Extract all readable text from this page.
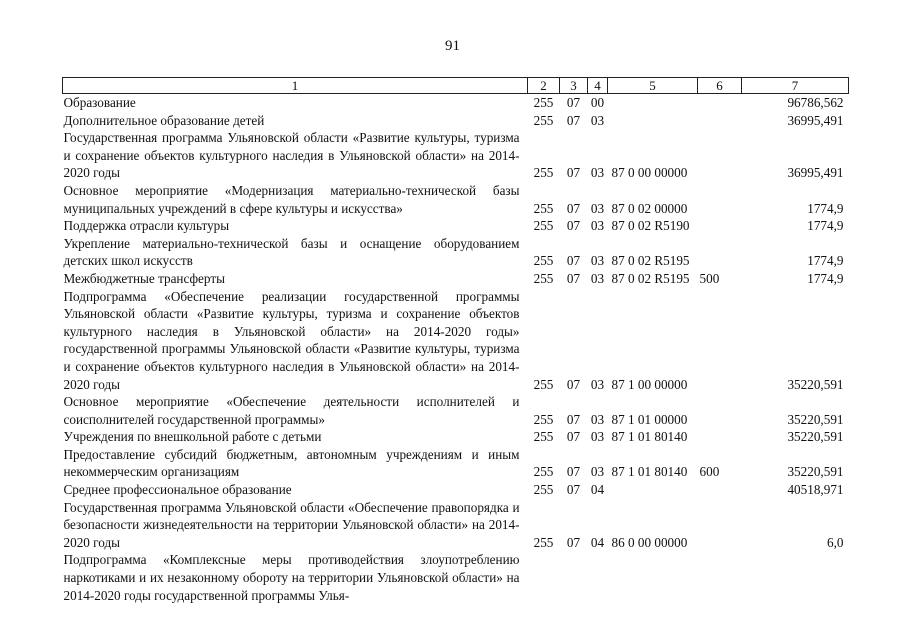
91
1	2	3	4	5	6	7
Образование	255	07	00			96786,562
Дополнительное образование детей	255	07	03			36995,491
Государственная программа Ульяновской области «Развитие культуры, туризма и сохранение объектов культурного наследия в Ульяновской области» на 2014-2020 годы	255	07	03	87 0 00 00000		36995,491
Основное мероприятие «Модернизация материально-технической базы муниципальных учреждений в сфере культуры и искусства»	255	07	03	87 0 02 00000		1774,9
Поддержка отрасли культуры	255	07	03	87 0 02 R5190		1774,9
Укрепление материально-технической базы и оснащение оборудованием детских школ искусств	255	07	03	87 0 02 R5195		1774,9
Межбюджетные трансферты	255	07	03	87 0 02 R5195	500	1774,9
Подпрограмма «Обеспечение реализации государственной программы Ульяновской области «Развитие культуры, туризма и сохранение объектов культурного наследия в Ульяновской области» на 2014-2020 годы» государственной программы Ульяновской области «Развитие культуры, туризма и сохранение объектов культурного наследия в Ульяновской области» на 2014-2020 годы	255	07	03	87 1 00 00000		35220,591
Основное мероприятие «Обеспечение деятельности исполнителей и соисполнителей государственной программы»	255	07	03	87 1 01 00000		35220,591
Учреждения по внешкольной работе с детьми	255	07	03	87 1 01 80140		35220,591
Предоставление субсидий бюджетным, автономным учреждениям и иным некоммерческим организациям	255	07	03	87 1 01 80140	600	35220,591
Среднее профессиональное образование	255	07	04			40518,971
Государственная программа Ульяновской области «Обеспечение правопорядка и безопасности жизнедеятельности на территории Ульяновской области» на 2014-2020 годы	255	07	04	86 0 00 00000		6,0
Подпрограмма «Комплексные меры противодействия злоупотреблению наркотиками и их незаконному обороту на территории Ульяновской области» на 2014-2020 годы государственной программы Улья-						
